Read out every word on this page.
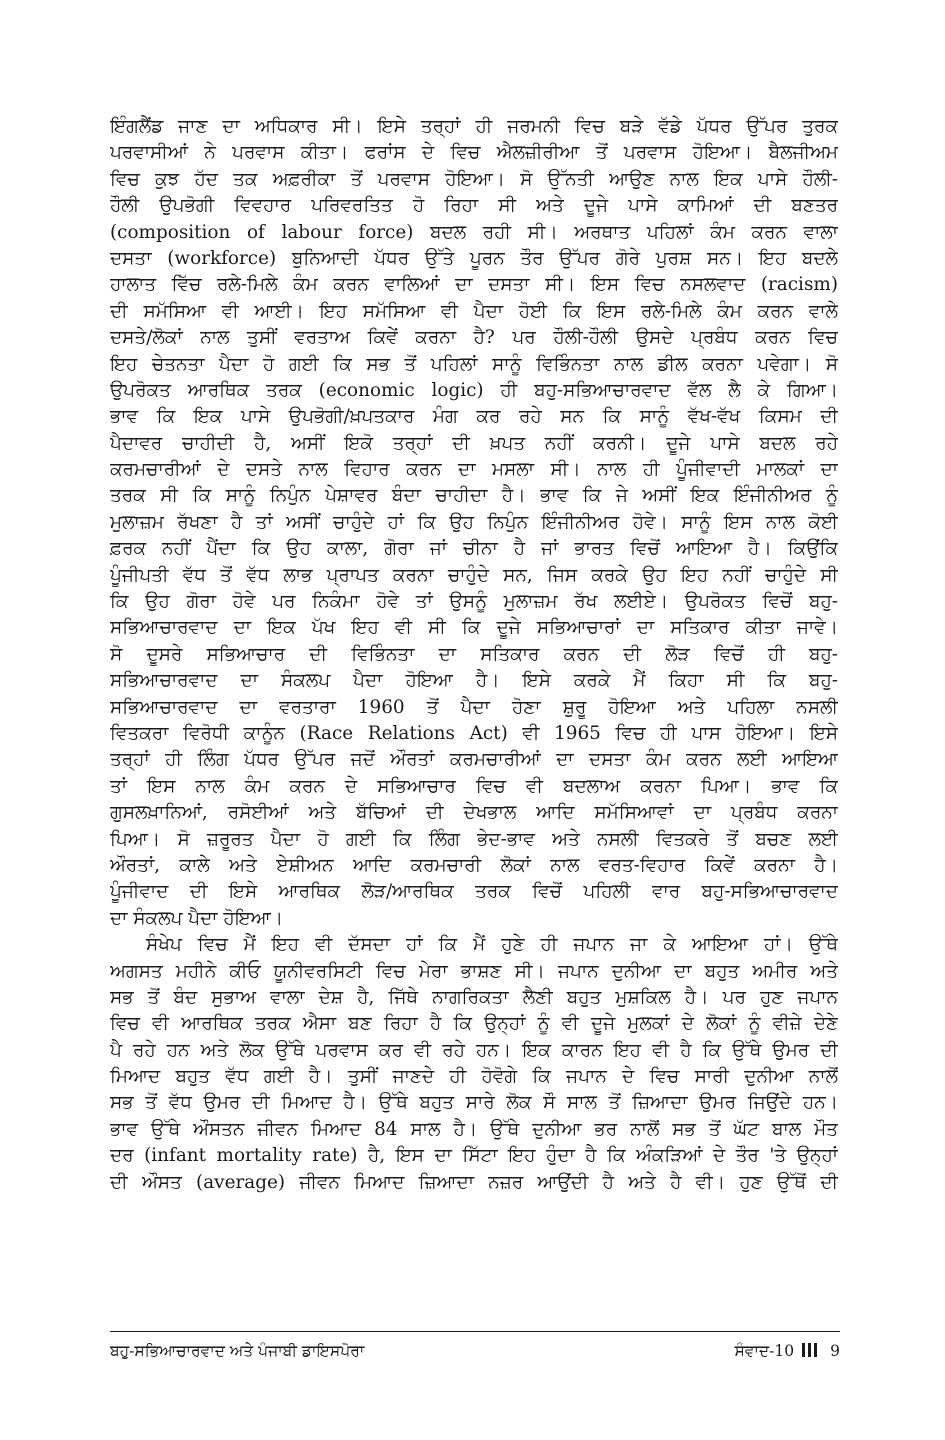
ਇੰਗਲੈਂਡ ਜਾਣ ਦਾ ਅਧਿਕਾਰ ਸੀ। ਇਸੇ ਤਰ੍ਹਾਂ ਹੀ ਜਰਮਨੀ ਵਿਚ ਬੜੇ ਵੱਡੇ ਪੱਧਰ ਉੱਪਰ ਤੁਰਕ
ਪਰਵਾਸੀਆਂ ਨੇ ਪਰਵਾਸ ਕੀਤਾ। ਫਰਾਂਸ ਦੇ ਵਿਚ ਐਲਜ਼ੀਰੀਆ ਤੋਂ ਪਰਵਾਸ ਹੋਇਆ। ਬੈਲਜੀਅਮ
ਵਿਚ ਕੁਝ ਹੱਦ ਤਕ ਅਫ਼ਰੀਕਾ ਤੋਂ ਪਰਵਾਸ ਹੋਇਆ। ਸੋ ਉੱਨਤੀ ਆਉਣ ਨਾਲ ਇਕ ਪਾਸੇ ਹੌਲੀ-
ਹੌਲੀ ਉਪਭੋਗੀ ਵਿਵਹਾਰ ਪਰਿਵਰਤਿਤ ਹੋ ਰਿਹਾ ਸੀ ਅਤੇ ਦੂਜੇ ਪਾਸੇ ਕਾਮਿਆਂ ਦੀ ਬਣਤਰ
(composition of labour force) ਬਦਲ ਰਹੀ ਸੀ। ਅਰਥਾਤ ਪਹਿਲਾਂ ਕੰਮ ਕਰਨ ਵਾਲਾ
ਦਸਤਾ (workforce) ਬੁਨਿਆਦੀ ਪੱਧਰ ਉੱਤੇ ਪੂਰਨ ਤੌਰ ਉੱਪਰ ਗੋਰੇ ਪੁਰਸ਼ ਸਨ। ਇਹ ਬਦਲੇ
ਹਾਲਾਤ ਵਿੱਚ ਰਲੇ-ਮਿਲੇ ਕੰਮ ਕਰਨ ਵਾਲਿਆਂ ਦਾ ਦਸਤਾ ਸੀ। ਇਸ ਵਿਚ ਨਸਲਵਾਦ (racism)
ਦੀ ਸਮੱਸਿਆ ਵੀ ਆਈ। ਇਹ ਸਮੱਸਿਆ ਵੀ ਪੈਦਾ ਹੋਈ ਕਿ ਇਸ ਰਲੇ-ਮਿਲੇ ਕੰਮ ਕਰਨ ਵਾਲੇ
ਦਸਤੇ/ਲੋਕਾਂ ਨਾਲ ਤੁਸੀਂ ਵਰਤਾਅ ਕਿਵੇਂ ਕਰਨਾ ਹੈ? ਪਰ ਹੌਲੀ-ਹੌਲੀ ਉਸਦੇ ਪ੍ਰਬੰਧ ਕਰਨ ਵਿਚ
ਇਹ ਚੇਤਨਤਾ ਪੈਦਾ ਹੋ ਗਈ ਕਿ ਸਭ ਤੋਂ ਪਹਿਲਾਂ ਸਾਨੂੰ ਵਿਭਿੰਨਤਾ ਨਾਲ ਡੀਲ ਕਰਨਾ ਪਵੇਗਾ। ਸੋ
ਉਪਰੋਕਤ ਆਰਥਿਕ ਤਰਕ (economic logic) ਹੀ ਬਹੁ-ਸਭਿਆਚਾਰਵਾਦ ਵੱਲ ਲੈ ਕੇ ਗਿਆ।
ਭਾਵ ਕਿ ਇਕ ਪਾਸੇ ਉਪਭੋਗੀ/ਖ਼ਪਤਕਾਰ ਮੰਗ ਕਰ ਰਹੇ ਸਨ ਕਿ ਸਾਨੂੰ ਵੱਖ-ਵੱਖ ਕਿਸਮ ਦੀ
ਪੈਦਾਵਰ ਚਾਹੀਦੀ ਹੈ, ਅਸੀਂ ਇਕੋ ਤਰ੍ਹਾਂ ਦੀ ਖ਼ਪਤ ਨਹੀਂ ਕਰਨੀ। ਦੂਜੇ ਪਾਸੇ ਬਦਲ ਰਹੇ
ਕਰਮਚਾਰੀਆਂ ਦੇ ਦਸਤੇ ਨਾਲ ਵਿਹਾਰ ਕਰਨ ਦਾ ਮਸਲਾ ਸੀ। ਨਾਲ ਹੀ ਪੂੰਜੀਵਾਦੀ ਮਾਲਕਾਂ ਦਾ
ਤਰਕ ਸੀ ਕਿ ਸਾਨੂੰ ਨਿਪੁੰਨ ਪੇਸ਼ਾਵਰ ਬੰਦਾ ਚਾਹੀਦਾ ਹੈ। ਭਾਵ ਕਿ ਜੇ ਅਸੀਂ ਇਕ ਇੰਜੀਨੀਅਰ ਨੂੰ
ਮੁਲਾਜ਼ਮ ਰੱਖਣਾ ਹੈ ਤਾਂ ਅਸੀਂ ਚਾਹੁੰਦੇ ਹਾਂ ਕਿ ਉਹ ਨਿਪੁੰਨ ਇੰਜੀਨੀਅਰ ਹੋਵੇ। ਸਾਨੂੰ ਇਸ ਨਾਲ ਕੋਈ
ਫ਼ਰਕ ਨਹੀਂ ਪੈਂਦਾ ਕਿ ਉਹ ਕਾਲਾ, ਗੋਰਾ ਜਾਂ ਚੀਨਾ ਹੈ ਜਾਂ ਭਾਰਤ ਵਿਚੋਂ ਆਇਆ ਹੈ। ਕਿਉਂਕਿ
ਪੂੰਜੀਪਤੀ ਵੱਧ ਤੋਂ ਵੱਧ ਲਾਭ ਪ੍ਰਾਪਤ ਕਰਨਾ ਚਾਹੁੰਦੇ ਸਨ, ਜਿਸ ਕਰਕੇ ਉਹ ਇਹ ਨਹੀਂ ਚਾਹੁੰਦੇ ਸੀ
ਕਿ ਉਹ ਗੋਰਾ ਹੋਵੇ ਪਰ ਨਿਕੰਮਾ ਹੋਵੇ ਤਾਂ ਉਸਨੂੰ ਮੁਲਾਜ਼ਮ ਰੱਖ ਲਈਏ। ਉਪਰੋਕਤ ਵਿਚੋਂ ਬਹੁ-
ਸਭਿਆਚਾਰਵਾਦ ਦਾ ਇਕ ਪੱਖ ਇਹ ਵੀ ਸੀ ਕਿ ਦੂਜੇ ਸਭਿਆਚਾਰਾਂ ਦਾ ਸਤਿਕਾਰ ਕੀਤਾ ਜਾਵੇ।
ਸੋ ਦੂਸਰੇ ਸਭਿਆਚਾਰ ਦੀ ਵਿਭਿੰਨਤਾ ਦਾ ਸਤਿਕਾਰ ਕਰਨ ਦੀ ਲੋੜ ਵਿਚੋਂ ਹੀ ਬਹੁ-
ਸਭਿਆਚਾਰਵਾਦ ਦਾ ਸੰਕਲਪ ਪੈਦਾ ਹੋਇਆ ਹੈ। ਇਸੇ ਕਰਕੇ ਮੈਂ ਕਿਹਾ ਸੀ ਕਿ ਬਹੁ-
ਸਭਿਆਚਾਰਵਾਦ ਦਾ ਵਰਤਾਰਾ 1960 ਤੋਂ ਪੈਦਾ ਹੋਣਾ ਸ਼ੁਰੂ ਹੋਇਆ ਅਤੇ ਪਹਿਲਾ ਨਸਲੀ
ਵਿਤਕਰਾ ਵਿਰੋਧੀ ਕਾਨੂੰਨ (Race Relations Act) ਵੀ 1965 ਵਿਚ ਹੀ ਪਾਸ ਹੋਇਆ। ਇਸੇ
ਤਰ੍ਹਾਂ ਹੀ ਲਿੰਗ ਪੱਧਰ ਉੱਪਰ ਜਦੋਂ ਔਰਤਾਂ ਕਰਮਚਾਰੀਆਂ ਦਾ ਦਸਤਾ ਕੰਮ ਕਰਨ ਲਈ ਆਇਆ
ਤਾਂ ਇਸ ਨਾਲ ਕੰਮ ਕਰਨ ਦੇ ਸਭਿਆਚਾਰ ਵਿਚ ਵੀ ਬਦਲਾਅ ਕਰਨਾ ਪਿਆ। ਭਾਵ ਕਿ
ਗੁਸਲਖ਼ਾਨਿਆਂ, ਰਸੋਈਆਂ ਅਤੇ ਬੱਚਿਆਂ ਦੀ ਦੇਖਭਾਲ ਆਦਿ ਸਮੱਸਿਆਵਾਂ ਦਾ ਪ੍ਰਬੰਧ ਕਰਨਾ
ਪਿਆ। ਸੋ ਜ਼ਰੂਰਤ ਪੈਦਾ ਹੋ ਗਈ ਕਿ ਲਿੰਗ ਭੇਦ-ਭਾਵ ਅਤੇ ਨਸਲੀ ਵਿਤਕਰੇ ਤੋਂ ਬਚਣ ਲਈ
ਔਰਤਾਂ, ਕਾਲੇ ਅਤੇ ਏਸ਼ੀਅਨ ਆਦਿ ਕਰਮਚਾਰੀ ਲੋਕਾਂ ਨਾਲ ਵਰਤ-ਵਿਹਾਰ ਕਿਵੇਂ ਕਰਨਾ ਹੈ।
ਪੂੰਜੀਵਾਦ ਦੀ ਇਸੇ ਆਰਥਿਕ ਲੋੜ/ਆਰਥਿਕ ਤਰਕ ਵਿਚੋਂ ਪਹਿਲੀ ਵਾਰ ਬਹੁ-ਸਭਿਆਚਾਰਵਾਦ
ਦਾ ਸੰਕਲਪ ਪੈਦਾ ਹੋਇਆ।
ਸੰਖੇਪ ਵਿਚ ਮੈਂ ਇਹ ਵੀ ਦੱਸਦਾ ਹਾਂ ਕਿ ਮੈਂ ਹੁਣੇ ਹੀ ਜਪਾਨ ਜਾ ਕੇ ਆਇਆ ਹਾਂ। ਉੱਥੇ
ਅਗਸਤ ਮਹੀਨੇ ਕੀਓ ਯੂਨੀਵਰਸਿਟੀ ਵਿਚ ਮੇਰਾ ਭਾਸ਼ਣ ਸੀ। ਜਪਾਨ ਦੁਨੀਆ ਦਾ ਬਹੁਤ ਅਮੀਰ ਅਤੇ
ਸਭ ਤੋਂ ਬੰਦ ਸੁਭਾਅ ਵਾਲਾ ਦੇਸ਼ ਹੈ, ਜਿੱਥੇ ਨਾਗਰਿਕਤਾ ਲੈਣੀ ਬਹੁਤ ਮੁਸ਼ਕਿਲ ਹੈ। ਪਰ ਹੁਣ ਜਪਾਨ
ਵਿਚ ਵੀ ਆਰਥਿਕ ਤਰਕ ਐਸਾ ਬਣ ਰਿਹਾ ਹੈ ਕਿ ਉਨ੍ਹਾਂ ਨੂੰ ਵੀ ਦੂਜੇ ਮੁਲਕਾਂ ਦੇ ਲੋਕਾਂ ਨੂੰ ਵੀਜ਼ੇ ਦੇਣੇ
ਪੈ ਰਹੇ ਹਨ ਅਤੇ ਲੋਕ ਉੱਥੇ ਪਰਵਾਸ ਕਰ ਵੀ ਰਹੇ ਹਨ। ਇਕ ਕਾਰਨ ਇਹ ਵੀ ਹੈ ਕਿ ਉੱਥੇ ਉਮਰ ਦੀ
ਮਿਆਦ ਬਹੁਤ ਵੱਧ ਗਈ ਹੈ। ਤੁਸੀਂ ਜਾਣਦੇ ਹੀ ਹੋਵੋਗੇ ਕਿ ਜਪਾਨ ਦੇ ਵਿਚ ਸਾਰੀ ਦੁਨੀਆ ਨਾਲੋਂ
ਸਭ ਤੋਂ ਵੱਧ ਉਮਰ ਦੀ ਮਿਆਦ ਹੈ। ਉੱਥੇ ਬਹੁਤ ਸਾਰੇ ਲੋਕ ਸੌ ਸਾਲ ਤੋਂ ਜ਼ਿਆਦਾ ਉਮਰ ਜਿਉਂਦੇ ਹਨ।
ਭਾਵ ਉੱਥੇ ਔਸਤਨ ਜੀਵਨ ਮਿਆਦ 84 ਸਾਲ ਹੈ। ਉੱਥੇ ਦੁਨੀਆ ਭਰ ਨਾਲੋਂ ਸਭ ਤੋਂ ਘੱਟ ਬਾਲ ਮੌਤ
ਦਰ (infant mortality rate) ਹੈ, ਇਸ ਦਾ ਸਿੱਟਾ ਇਹ ਹੁੰਦਾ ਹੈ ਕਿ ਅੰਕੜਿਆਂ ਦੇ ਤੌਰ 'ਤੇ ਉਨ੍ਹਾਂ
ਦੀ ਔਸਤ (average) ਜੀਵਨ ਮਿਆਦ ਜ਼ਿਆਦਾ ਨਜ਼ਰ ਆਉਂਦੀ ਹੈ ਅਤੇ ਹੈ ਵੀ। ਹੁਣ ਉੱਥੋਂ ਦੀ
ਬਹੁ-ਸਭਿਆਚਾਰਵਾਦ ਅਤੇ ਪੰਜਾਬੀ ਡਾਇਸਪੋਰਾ	ਸੰਵਾਦ-10 9
